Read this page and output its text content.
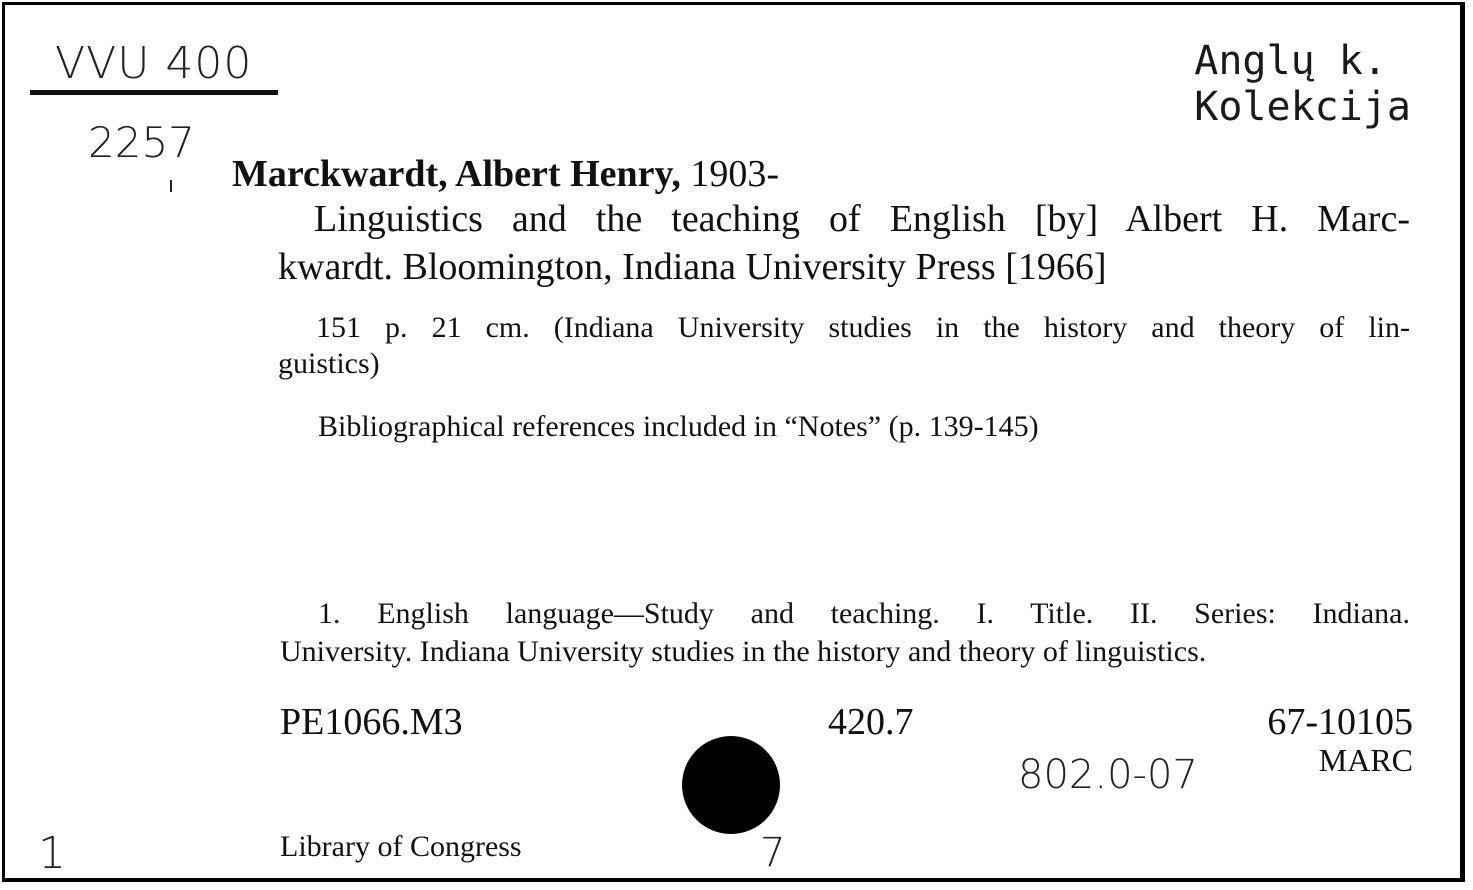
VVU 400
2257
Anglų k.
Kolekcija
Marckwardt, Albert Henry, 1903-
Linguistics and the teaching of English [by] Albert H. Marc-
kwardt. Bloomington, Indiana University Press [1966]
151 p. 21 cm. (Indiana University studies in the history and theory of lin-
guistics)
Bibliographical references included in “Notes” (p. 139-145)
1. English language—Study and teaching. I. Title. II. Series: Indiana.
University. Indiana University studies in the history and theory of linguistics.
PE1066.M3	420.7	67-10105
MARC
802.0-07
Library of Congress
1	7
